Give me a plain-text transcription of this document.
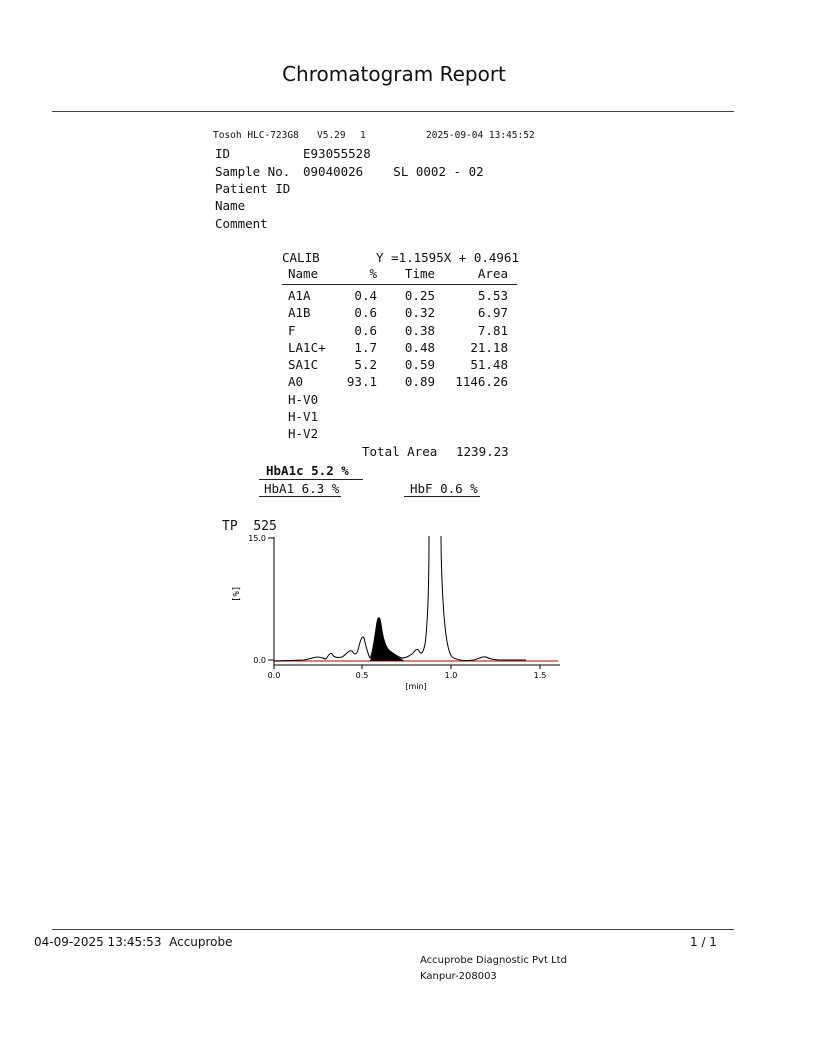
Chromatogram Report
Tosoh HLC-723G8 V5.29 1	2025-09-04 13:45:52
ID	E93055528
Sample No. 09040026    SL 0002 - 02
Patient ID
Name
Comment
CALIB	Y =1.1595X + 0.4961
Name	% Time	Area
A1A	0.4 0.25	5.53
A1B	0.6 0.32	6.97
F	0.6 0.38	7.81
LA1C+ 1.7 0.48	21.18
SA1C	5.2 0.59	51.48
A0	93.1 0.89 1146.26
H-V0
H-V1
H-V2
Total Area 1239.23
HbA1c 5.2 %
HbA1 6.3 %	HbF 0.6 %
TP 525
[%]
15.0
0.0
0.0	0.5	1.0	1.5
[min]
04-09-2025 13:45:53 Accuprobe	1 / 1
Accuprobe Diagnostic Pvt Ltd
Kanpur-208003
